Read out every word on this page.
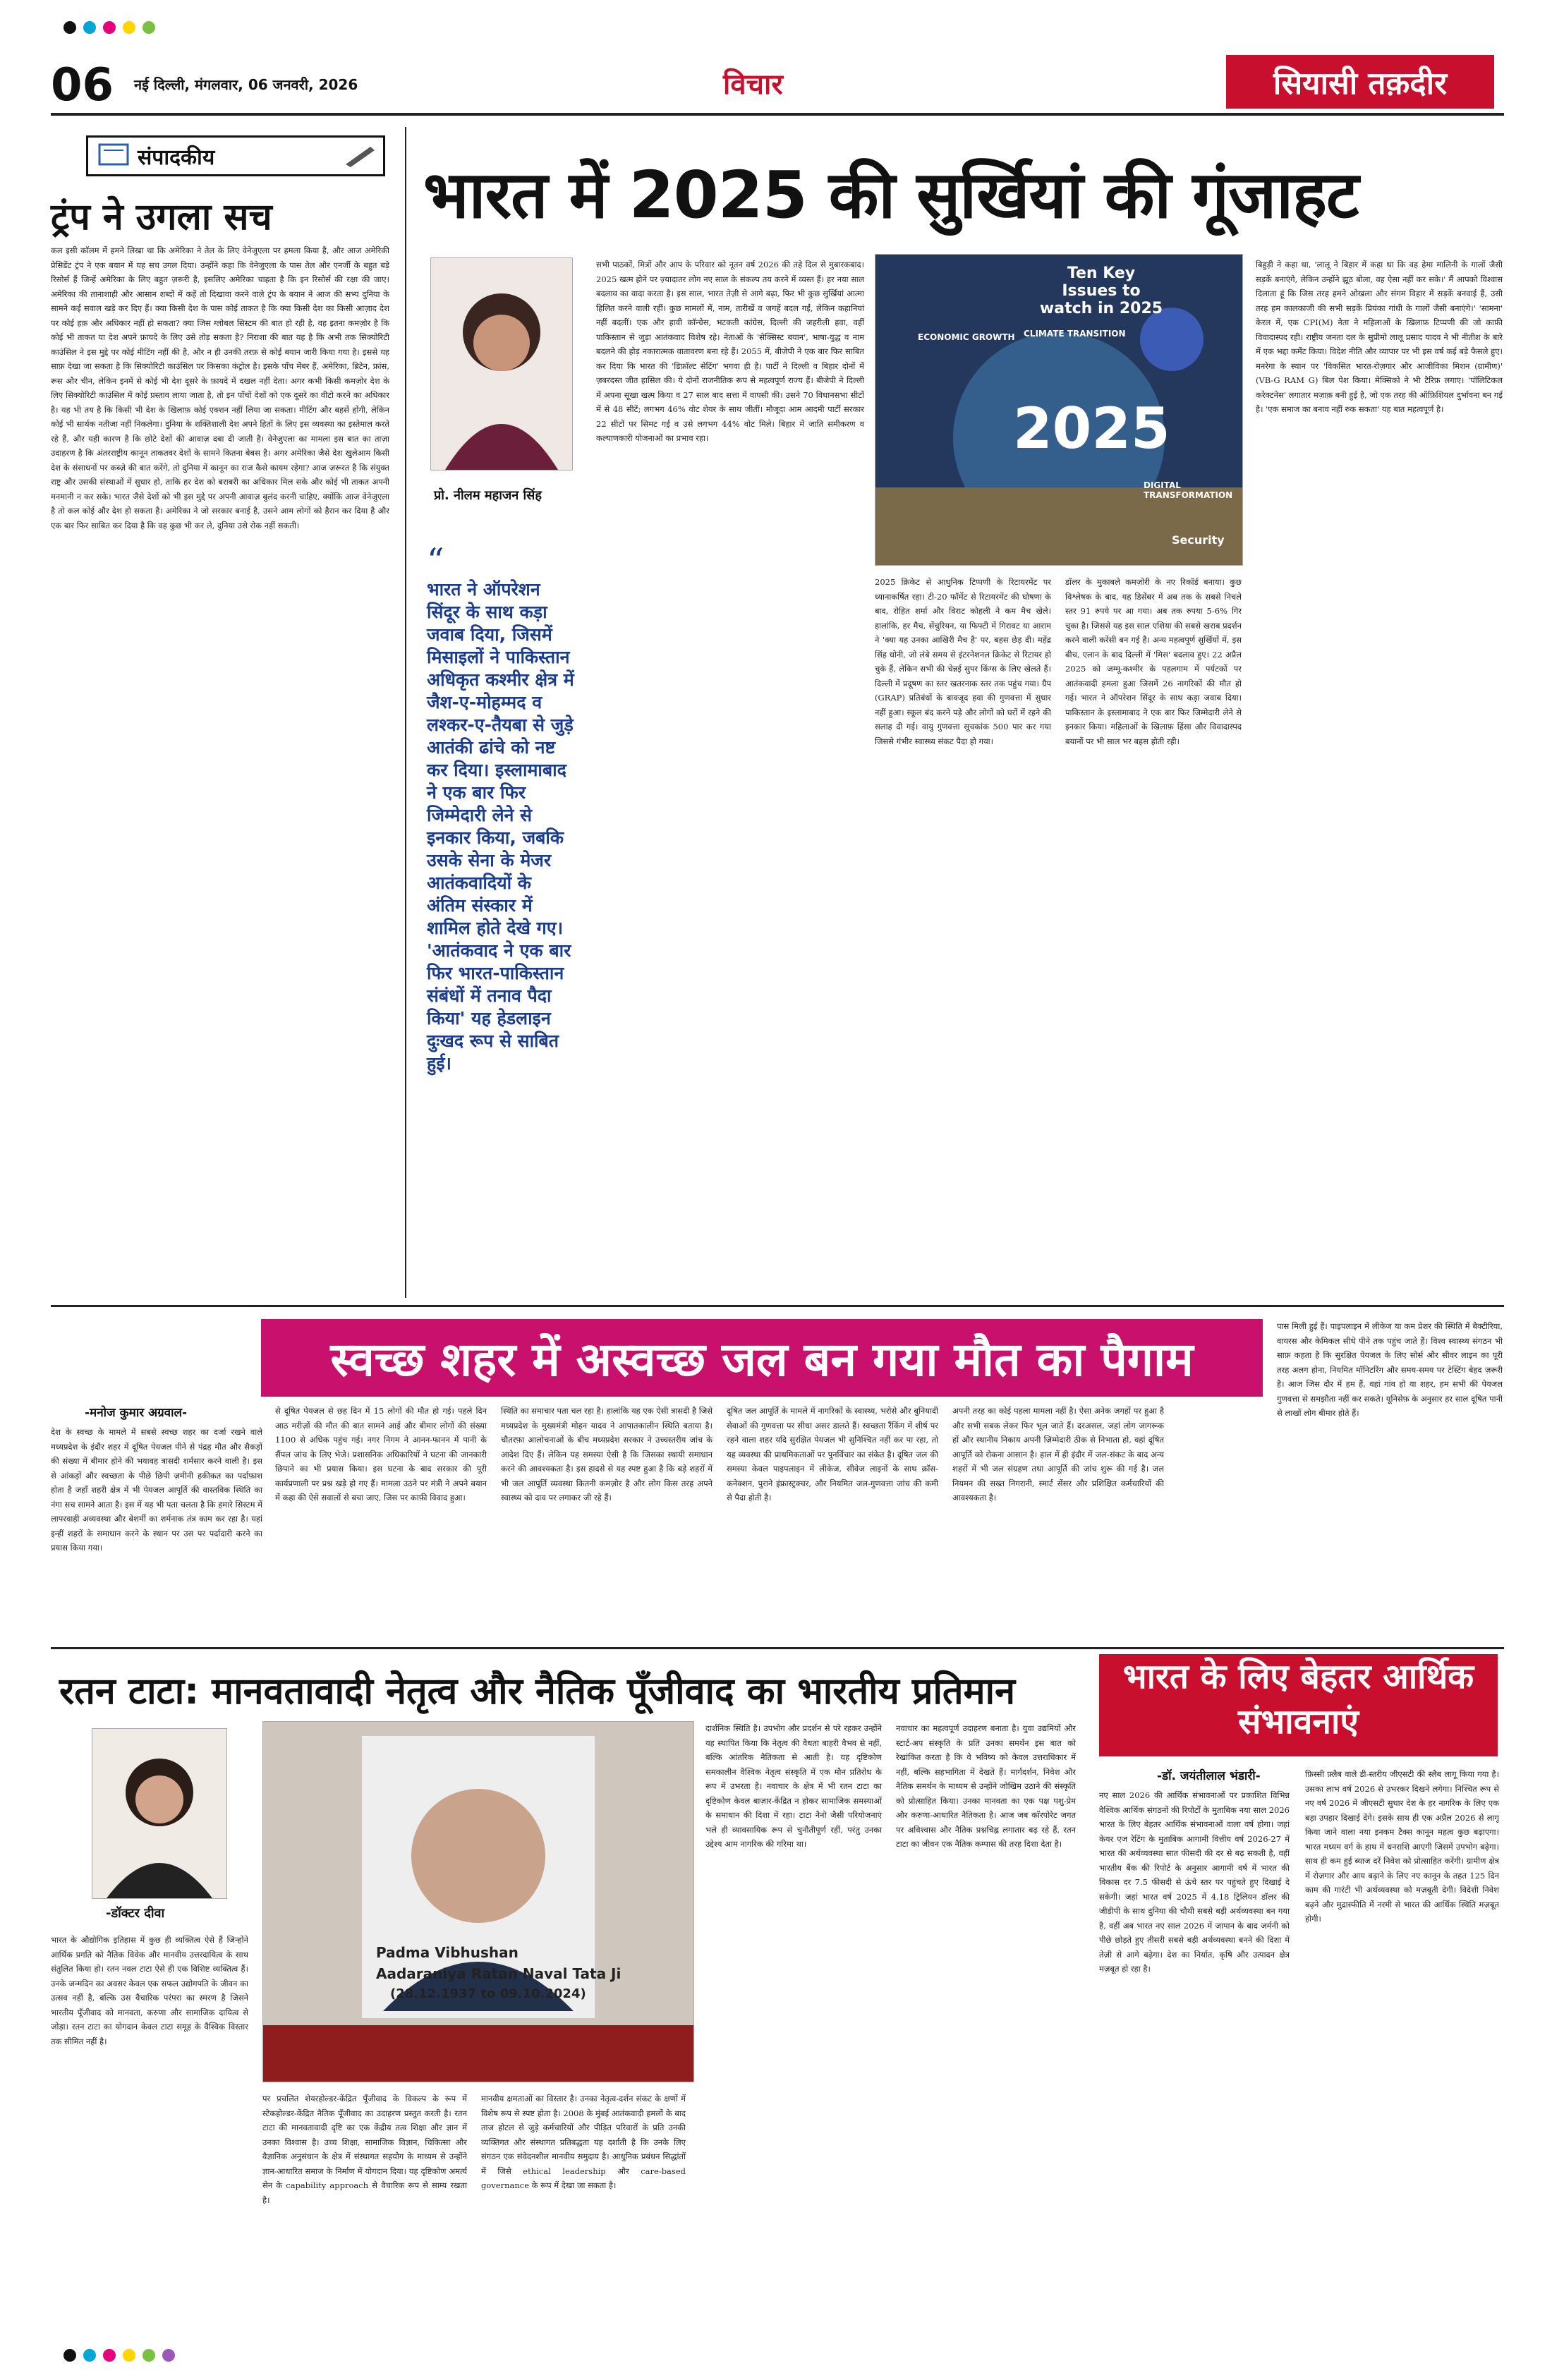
06 नई दिल्ली, मंगलवार, 06 जनवरी, 2026	विचार	सियासी तक़दीर
संपादकीय
ट्रंप ने उगला सच
कल इसी कॉलम में हमने लिखा था कि अमेरिका ने तेल के लिए वेनेजुएला पर हमला किया है, और आज अमेरिकी प्रेसिडेंट ट्रंप ने एक बयान में यह सच उगल दिया। उन्होंने कहा कि वेनेजुएला के पास तेल और एनर्जी के बहुत बड़े रिसोर्स हैं जिन्हें अमेरिका के लिए बहुत ज़रूरी है, इसलिए अमेरिका चाहता है कि इन रिसोर्स की रक्षा की जाए। अमेरिका की तानाशाही और आसान शब्दों में कहें तो दिखावा करने वाले ट्रंप के बयान ने आज की सभ्य दुनिया के सामने कई सवाल खड़े कर दिए हैं। क्या किसी देश के पास कोई ताकत है कि क्या किसी देश का किसी आज़ाद देश पर कोई हक़ और अधिकार नहीं हो सकता? क्या जिस ग्लोबल सिस्टम की बात हो रही है, वह इतना कमज़ोर है कि कोई भी ताकत या देश अपने फ़ायदे के लिए उसे तोड़ सकता है? निराशा की बात यह है कि अभी तक सिक्योरिटी काउंसिल ने इस मुद्दे पर कोई मीटिंग नहीं की है, और न ही उनकी तरफ़ से कोई बयान जारी किया गया है। इससे यह साफ़ देखा जा सकता है कि सिक्योरिटी काउंसिल पर किसका कंट्रोल है। इसके पाँच मेंबर हैं, अमेरिका, ब्रिटेन, फ्रांस, रूस और चीन, लेकिन इनमें से कोई भी देश दूसरे के फ़ायदे में दखल नहीं देता। अगर कभी किसी कमज़ोर देश के लिए सिक्योरिटी काउंसिल में कोई प्रस्ताव लाया जाता है, तो इन पाँचों देशों को एक दूसरे का वीटो करने का अधिकार है। यह भी तय है कि किसी भी देश के खिलाफ़ कोई एक्शन नहीं लिया जा सकता। मीटिंग और बहसें होंगी, लेकिन कोई भी सार्थक नतीजा नहीं निकलेगा। दुनिया के शक्तिशाली देश अपने हितों के लिए इस व्यवस्था का इस्तेमाल करते रहे हैं, और यही कारण है कि छोटे देशों की आवाज़ दबा दी जाती है। वेनेजुएला का मामला इस बात का ताज़ा उदाहरण है कि अंतरराष्ट्रीय कानून ताकतवर देशों के सामने कितना बेबस है। अगर अमेरिका जैसे देश खुलेआम किसी देश के संसाधनों पर कब्ज़े की बात करेंगे, तो दुनिया में कानून का राज कैसे कायम रहेगा? आज ज़रूरत है कि संयुक्त राष्ट्र और उसकी संस्थाओं में सुधार हो, ताकि हर देश को बराबरी का अधिकार मिल सके और कोई भी ताकत अपनी मनमानी न कर सके। भारत जैसे देशों को भी इस मुद्दे पर अपनी आवाज़ बुलंद करनी चाहिए, क्योंकि आज वेनेजुएला है तो कल कोई और देश हो सकता है। अमेरिका ने जो सरकार बनाई है, उसने आम लोगों को हैरान कर दिया है और एक बार फिर साबित कर दिया है कि वह कुछ भी कर ले, दुनिया उसे रोक नहीं सकती।
भारत में 2025 की सुर्खियां की गूंजाहट
प्रो. नीलम महाजन सिंह
“
भारत ने ऑपरेशन सिंदूर के साथ कड़ा जवाब दिया, जिसमें मिसाइलों ने पाकिस्तान अधिकृत कश्मीर क्षेत्र में जैश-ए-मोहम्मद व लश्कर-ए-तैयबा से जुड़े आतंकी ढांचे को नष्ट कर दिया। इस्लामाबाद ने एक बार फिर जिम्मेदारी लेने से इनकार किया, जबकि उसके सेना के मेजर आतंकवादियों के अंतिम संस्कार में शामिल होते देखे गए। 'आतंकवाद ने एक बार फिर भारत-पाकिस्तान संबंधों में तनाव पैदा किया' यह हेडलाइन दुःखद रूप से साबित हुई।
सभी पाठकों, मित्रों और आप के परिवार को नूतन वर्ष 2026 की तहे दिल से मुबारकबाद। 2025 खत्म होने पर ज़्यादातर लोग नए साल के संकल्प तय करने में व्यस्त हैं। हर नया साल बदलाव का वादा करता है। इस साल, भारत तेज़ी से आगे बढ़ा, फिर भी कुछ सुर्खियां आत्मा हिलित करने वाली रहीं। कुछ मामलों में, नाम, तारीखें व जगहें बदल गईं, लेकिन कहानियां नहीं बदलीं। एक और हावी कॉन्ग्रेस, भटकती कांग्रेस, दिल्ली की जहरीली हवा, वहीं पाकिस्तान से जुड़ा आतंकवाद विशेष रहे। नेताओं के 'सेक्सिस्ट बयान', भाषा-युद्ध व नाम बदलने की होड़ नकारात्मक वातावरण बना रहे हैं। 2055 में, बीजेपी ने एक बार फिर साबित कर दिया कि भारत की 'डिफ़ॉल्ट सेटिंग' भगवा ही है। पार्टी ने दिल्ली व बिहार दोनों में ज़बरदस्त जीत हासिल की। ये दोनों राजनीतिक रूप से महत्वपूर्ण राज्य हैं। बीजेपी ने दिल्ली में अपना सूखा खत्म किया व 27 साल बाद सत्ता में वापसी की। उसने 70 विधानसभा सीटों में से 48 सीटें; लगभग 46% वोट शेयर के साथ जीतीं। मौजूदा आम आदमी पार्टी सरकार 22 सीटों पर सिमट गई व उसे लगभग 44% वोट मिले। बिहार में जाति समीकरण व कल्याणकारी योजनाओं का प्रभाव रहा।
Ten Key Issues to watch in 2025
ECONOMIC GROWTH CLIMATE TRANSITION
DIGITAL TRANSFORMATION
2025
Security
2025 क्रिकेट से आधुनिक टिप्पणी के रिटायरमेंट पर ध्यानाकर्षित रहा। टी-20 फॉर्मेट से रिटायरमेंट की घोषणा के बाद, रोहित शर्मा और विराट कोहली ने कम मैच खेले। हालांकि, हर मैच, सेंचुरियन, या फिफ्टी में गिरावट या आराम ने 'क्या यह उनका आखिरी मैच है' पर, बहस छेड़ दी। महेंद्र सिंह धोनी, जो लंबे समय से इंटरनेशनल क्रिकेट से रिटायर हो चुके हैं, लेकिन सभी की चेन्नई सुपर किंग्स के लिए खेलते हैं। दिल्ली में प्रदूषण का स्तर खतरनाक स्तर तक पहुंच गया। ग्रैप (GRAP) प्रतिबंधों के बावजूद हवा की गुणवत्ता में सुधार नहीं हुआ। स्कूल बंद करने पड़े और लोगों को घरों में रहने की सलाह दी गई। वायु गुणवत्ता सूचकांक 500 पार कर गया जिससे गंभीर स्वास्थ्य संकट पैदा हो गया।
डॉलर के मुकाबले कमज़ोरी के नए रिकॉर्ड बनाया। कुछ विश्लेषक के बाद, यह डिसेंबर में अब तक के सबसे निचले स्तर 91 रुपये पर आ गया। अब तक रुपया 5-6% गिर चुका है। जिससे यह इस साल एशिया की सबसे खराब प्रदर्शन करने वाली करेंसी बन गई है। अन्य महत्वपूर्ण सुर्खियों में, इस बीच, एलान के बाद दिल्ली में 'मिस' बदलाव हुए। 22 अप्रैल 2025 को जम्मू-कश्मीर के पहलगाम में पर्यटकों पर आतंकवादी हमला हुआ जिसमें 26 नागरिकों की मौत हो गई। भारत ने ऑपरेशन सिंदूर के साथ कड़ा जवाब दिया। पाकिस्तान के इस्लामाबाद ने एक बार फिर जिम्मेदारी लेने से इनकार किया। महिलाओं के खिलाफ़ हिंसा और विवादास्पद बयानों पर भी साल भर बहस होती रही।
बिहुड़ी ने कहा था, 'लालू ने बिहार में कहा था कि वह हेमा मालिनी के गालों जैसी सड़कें बनाएंगे, लेकिन उन्होंने झूठ बोला, वह ऐसा नहीं कर सके।' मैं आपको विश्वास दिलाता हूं कि जिस तरह हमने ओखला और संगम विहार में सड़कें बनवाई हैं, उसी तरह हम कालकाजी की सभी सड़कें प्रियंका गांधी के गालों जैसी बनाएंगे।' 'सामना' केरल में, एक CPI(M) नेता ने महिलाओं के खिलाफ़ टिप्पणी की जो काफ़ी विवादास्पद रही। राष्ट्रीय जनता दल के सुप्रीमो लालू प्रसाद यादव ने भी नीतीश के बारे में एक भद्दा कमेंट किया। विदेश नीति और व्यापार पर भी इस वर्ष कई बड़े फैसले हुए। मनरेगा के स्थान पर 'विकसित भारत-रोज़गार और आजीविका मिशन (ग्रामीण)' (VB-G RAM G) बिल पेश किया। मेक्सिको ने भी टैरिफ़ लगाए। 'पॉलिटिकल करेक्टनेस' लगातार मज़ाक़ बनी हुई है, जो एक तरह की ऑफ़िशियल दुर्भावना बन गई है। 'एक समाज का बनाव नहीं रुक सकता' यह बात महत्वपूर्ण है।
स्वच्छ शहर में अस्वच्छ जल बन गया मौत का पैगाम
-मनोज कुमार अग्रवाल-
देश के स्वच्छ के मामले में सबसे स्वच्छ शहर का दर्जा रखने वाले मध्यप्रदेश के इंदौर शहर में दूषित पेयजल पीने से पंद्रह मौत और सैकड़ों की संख्या में बीमार होने की भयावह त्रासदी शर्मसार करने वाली है। इस से आंकड़ों और स्वच्छता के पीछे छिपी ज़मीनी हकीकत का पर्दाफ़ाश होता है जहाँ शहरी क्षेत्र में भी पेयजल आपूर्ति की वास्तविक स्थिति का नंगा सच सामने आता है। इस में यह भी पता चलता है कि हमारे सिस्टम में लापरवाही अव्यवस्था और बेशर्मी का शर्मनाक तंत्र काम कर रहा है। यहां इन्हीं शहरों के समाधान करने के स्थान पर उस पर पर्दादारी करने का प्रयास किया गया।
से दूषित पेयजल से छह दिन में 15 लोगों की मौत हो गई। पहले दिन आठ मरीज़ों की मौत की बात सामने आई और बीमार लोगों की संख्या 1100 से अधिक पहुंच गई। नगर निगम ने आनन-फानन में पानी के सैंपल जांच के लिए भेजे। प्रशासनिक अधिकारियों ने घटना की जानकारी छिपाने का भी प्रयास किया। इस घटना के बाद सरकार की पूरी कार्यप्रणाली पर प्रश्न खड़े हो गए हैं। मामला उठने पर मंत्री ने अपने बयान में कहा की ऐसे सवालों से बचा जाए, जिस पर काफ़ी विवाद हुआ।
स्थिति का समाचार पता चल रहा है। हालांकि यह एक ऐसी त्रासदी है जिसे मध्यप्रदेश के मुख्यमंत्री मोहन यादव ने आपातकालीन स्थिति बताया है। चौतरफ़ा आलोचनाओं के बीच मध्यप्रदेश सरकार ने उच्चस्तरीय जांच के आदेश दिए हैं। लेकिन यह समस्या ऐसी है कि जिसका स्थायी समाधान करने की आवश्यकता है। इस हादसे से यह स्पष्ट हुआ है कि बड़े शहरों में भी जल आपूर्ति व्यवस्था कितनी कमज़ोर है और लोग किस तरह अपने स्वास्थ्य को दाव पर लगाकर जी रहे हैं।
दूषित जल आपूर्ति के मामले में नागरिकों के स्वास्थ्य, भरोसे और बुनियादी सेवाओं की गुणवत्ता पर सीधा असर डालते हैं। स्वच्छता रैंकिंग में शीर्ष पर रहने वाला शहर यदि सुरक्षित पेयजल भी सुनिश्चित नहीं कर पा रहा, तो यह व्यवस्था की प्राथमिकताओं पर पुनर्विचार का संकेत है। दूषित जल की समस्या केवल पाइपलाइन में लीकेज, सीवेज लाइनों के साथ क्रॉस-कनेक्शन, पुराने इंफ्रास्ट्रक्चर, और नियमित जल-गुणवत्ता जांच की कमी से पैदा होती है।
अपनी तरह का कोई पहला मामला नहीं है। ऐसा अनेक जगहों पर हुआ है और सभी सबक लेकर फिर भूल जाते हैं। दरअसल, जहां लोग जागरूक हों और स्थानीय निकाय अपनी ज़िम्मेदारी ठीक से निभाता हो, वहां दूषित आपूर्ति को रोकना आसान है। हाल में ही इंदौर में जल-संकट के बाद अन्य शहरों में भी जल संग्रहण तथा आपूर्ति की जांच शुरू की गई है। जल नियमन की सख्त निगरानी, स्मार्ट सेंसर और प्रशिक्षित कर्मचारियों की आवश्यकता है।
पास मिली हुई हैं। पाइपलाइन में लीकेज या कम प्रेशर की स्थिति में बैक्टीरिया, वायरस और केमिकल सीधे पीने तक पहुंच जाते हैं। विश्व स्वास्थ्य संगठन भी साफ़ कहता है कि सुरक्षित पेयजल के लिए सोर्स और सीवर लाइन का पूरी तरह अलग होना, नियमित मॉनिटरिंग और समय-समय पर टेस्टिंग बेहद ज़रूरी है। आज जिस दौर में हम हैं, वहां गांव हो या शहर, हम सभी की पेयजल गुणवत्ता से समझौता नहीं कर सकते। यूनिसेफ़ के अनुसार हर साल दूषित पानी से लाखों लोग बीमार होते हैं।
रतन टाटा: मानवतावादी नेतृत्व और नैतिक पूँजीवाद का भारतीय प्रतिमान
-डॉक्टर दीवा
भारत के औद्योगिक इतिहास में कुछ ही व्यक्तित्व ऐसे हैं जिन्होंने आर्थिक प्रगति को नैतिक विवेक और मानवीय उत्तरदायित्व के साथ संतुलित किया हो। रतन नवल टाटा ऐसे ही एक विशिष्ट व्यक्तित्व हैं। उनके जन्मदिन का अवसर केवल एक सफल उद्योगपति के जीवन का उत्सव नहीं है, बल्कि उस वैचारिक परंपरा का स्मरण है जिसने भारतीय पूँजीवाद को मानवता, करुणा और सामाजिक दायित्व से जोड़ा। रतन टाटा का योगदान केवल टाटा समूह के वैश्विक विस्तार तक सीमित नहीं है।
Padma Vibhushan
Aadaraniya Ratan Naval Tata Ji
(28.12.1937 to 09.10.2024)
पर प्रचलित शेयरहोल्डर-केंद्रित पूँजीवाद के विकल्प के रूप में स्टेकहोल्डर-केंद्रित नैतिक पूँजीवाद का उदाहरण प्रस्तुत करती है। रतन टाटा की मानवतावादी दृष्टि का एक केंद्रीय तत्व शिक्षा और ज्ञान में उनका विश्वास है। उच्च शिक्षा, सामाजिक विज्ञान, चिकित्सा और वैज्ञानिक अनुसंधान के क्षेत्र में संस्थागत सहयोग के माध्यम से उन्होंने ज्ञान-आधारित समाज के निर्माण में योगदान दिया। यह दृष्टिकोण अमर्त्य सेन के capability approach से वैचारिक रूप से साम्य रखता है।
मानवीय क्षमताओं का विस्तार है। उनका नेतृत्व-दर्शन संकट के क्षणों में विशेष रूप से स्पष्ट होता है। 2008 के मुंबई आतंकवादी हमलों के बाद ताज होटल से जुड़े कर्मचारियों और पीड़ित परिवारों के प्रति उनकी व्यक्तिगत और संस्थागत प्रतिबद्धता यह दर्शाती है कि उनके लिए संगठन एक संवेदनशील मानवीय समुदाय है। आधुनिक प्रबंधन सिद्धांतों में जिसे ethical leadership और care-based governance के रूप में देखा जा सकता है।
दार्शनिक स्थिति है। उपभोग और प्रदर्शन से परे रहकर उन्होंने यह स्थापित किया कि नेतृत्व की वैधता बाहरी वैभव से नहीं, बल्कि आंतरिक नैतिकता से आती है। यह दृष्टिकोण समकालीन वैश्विक नेतृत्व संस्कृति में एक मौन प्रतिरोध के रूप में उभरता है। नवाचार के क्षेत्र में भी रतन टाटा का दृष्टिकोण केवल बाज़ार-केंद्रित न होकर सामाजिक समस्याओं के समाधान की दिशा में रहा। टाटा नैनो जैसी परियोजनाएं भले ही व्यावसायिक रूप से चुनौतीपूर्ण रहीं, परंतु उनका उद्देश्य आम नागरिक की गरिमा था।
नवाचार का महत्वपूर्ण उदाहरण बनाता है। युवा उद्यमियों और स्टार्ट-अप संस्कृति के प्रति उनका समर्थन इस बात को रेखांकित करता है कि वे भविष्य को केवल उत्तराधिकार में नहीं, बल्कि सहभागिता में देखते हैं। मार्गदर्शन, निवेश और नैतिक समर्थन के माध्यम से उन्होंने जोखिम उठाने की संस्कृति को प्रोत्साहित किया। उनका मानवता का एक पक्ष पशु-प्रेम और करुणा-आधारित नैतिकता है। आज जब कॉरपोरेट जगत पर अविश्वास और नैतिक प्रश्नचिह्न लगातार बढ़ रहे हैं, रतन टाटा का जीवन एक नैतिक कम्पास की तरह दिशा देता है।
भारत के लिए बेहतर आर्थिक संभावनाएं
-डॉ. जयंतीलाल भंडारी-
नए साल 2026 की आर्थिक संभावनाओं पर प्रकाशित विभिन्न वैश्विक आर्थिक संगठनों की रिपोर्टों के मुताबिक नया साल 2026 भारत के लिए बेहतर आर्थिक संभावनाओं वाला वर्ष होगा। जहां केयर एज रेटिंग के मुताबिक आगामी वित्तीय वर्ष 2026-27 में भारत की अर्थव्यवस्था सात फीसदी की दर से बढ़ सकती है, वहीं भारतीय बैंक की रिपोर्ट के अनुसार आगामी वर्ष में भारत की विकास दर 7.5 फीसदी से ऊंचे स्तर पर पहुंचते हुए दिखाई दे सकेगी। जहां भारत वर्ष 2025 में 4.18 ट्रिलियन डॉलर की जीडीपी के साथ दुनिया की चौथी सबसे बड़ी अर्थव्यवस्था बन गया है, वहीं अब भारत नए साल 2026 में जापान के बाद जर्मनी को पीछे छोड़ते हुए तीसरी सबसे बड़ी अर्थव्यवस्था बनने की दिशा में तेज़ी से आगे बढ़ेगा। देश का निर्यात, कृषि और उत्पादन क्षेत्र मज़बूत हो रहा है।
फ़िस्सी फ़्लैब वाले डी-स्तरीय जीएसटी की स्लैब लागू किया गया है। उसका लाभ वर्ष 2026 से उभरकर दिखने लगेगा। निश्चित रूप से नए वर्ष 2026 में जीएसटी सुधार देश के हर नागरिक के लिए एक बड़ा उपहार दिखाई देंगे। इसके साथ ही एक अप्रैल 2026 से लागू किया जाने वाला नया इनकम टैक्स कानून महत्व कुछ बढ़ाएगा। भारत मध्यम वर्ग के हाथ में धनराशि आएगी जिसमें उपभोग बढ़ेगा। साथ ही कम हुई ब्याज दरें निवेश को प्रोत्साहित करेंगी। ग्रामीण क्षेत्र में रोज़गार और आय बढ़ाने के लिए नए कानून के तहत 125 दिन काम की गारंटी भी अर्थव्यवस्था को मज़बूती देगी। विदेशी निवेश बढ़ने और मुद्रास्फीति में नरमी से भारत की आर्थिक स्थिति मज़बूत होगी।
